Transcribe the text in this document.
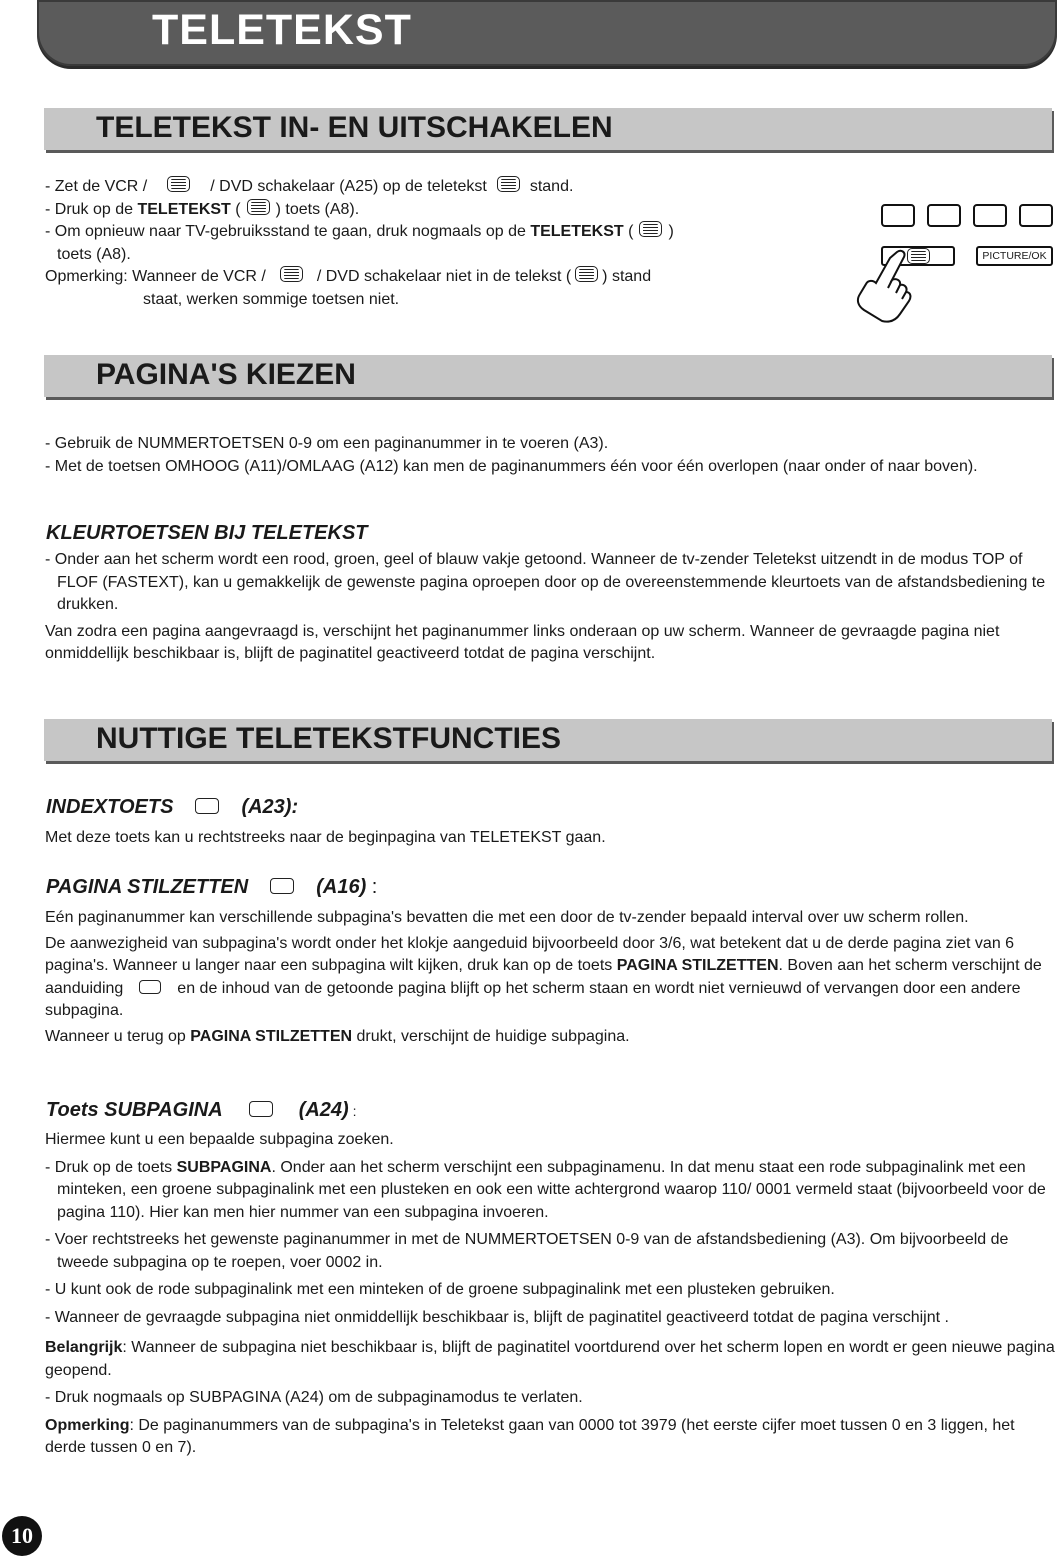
TELETEKST
TELETEKST IN- EN UITSCHAKELEN
- Zet de VCR /	/ DVD schakelaar (A25) op de teletekst	stand.
- Druk op de TELETEKST ( ) toets (A8).
- Om opnieuw naar TV-gebruiksstand te gaan, druk nogmaals op de TELETEKST ( )
toets (A8).
Opmerking: Wanneer de VCR /	/ DVD schakelaar niet in de telekst ( ) stand
staat, werken sommige toetsen niet.
PICTURE/OK
PAGINA'S KIEZEN
- Gebruik de NUMMERTOETSEN 0-9 om een paginanummer in te voeren (A3).
- Met de toetsen OMHOOG (A11)/OMLAAG (A12) kan men de paginanummers één voor één overlopen (naar onder of naar boven).
KLEURTOETSEN BIJ TELETEKST
- Onder aan het scherm wordt een rood, groen, geel of blauw vakje getoond. Wanneer de tv-zender Teletekst uitzendt in de modus TOP of FLOF (FASTEXT), kan u gemakkelijk de gewenste pagina oproepen door op de overeenstemmende kleurtoets van de afstandsbediening te drukken.
Van zodra een pagina aangevraagd is, verschijnt het paginanummer links onderaan op uw scherm. Wanneer de gevraagde pagina niet onmiddellijk beschikbaar is, blijft de paginatitel geactiveerd totdat de pagina verschijnt.
NUTTIGE TELETEKSTFUNCTIES
INDEXTOETS	(A23):
Met deze toets kan u rechtstreeks naar de beginpagina van TELETEKST gaan.
PAGINA STILZETTEN	(A16) :
Eén paginanummer kan verschillende subpagina's bevatten die met een door de tv-zender bepaald interval over uw scherm rollen.
De aanwezigheid van subpagina's wordt onder het klokje aangeduid bijvoorbeeld door 3/6, wat betekent dat u de derde pagina ziet van 6 pagina's. Wanneer u langer naar een subpagina wilt kijken, druk kan op de toets PAGINA STILZETTEN. Boven aan het scherm verschijnt de aanduiding	en de inhoud van de getoonde pagina blijft op het scherm staan en wordt niet vernieuwd of vervangen door een andere subpagina.
Wanneer u terug op PAGINA STILZETTEN drukt, verschijnt de huidige subpagina.
Toets SUBPAGINA	(A24) :
Hiermee kunt u een bepaalde subpagina zoeken.
- Druk op de toets SUBPAGINA. Onder aan het scherm verschijnt een subpaginamenu. In dat menu staat een rode subpaginalink met een minteken, een groene subpaginalink met een plusteken en ook een witte achtergrond waarop 110/ 0001 vermeld staat (bijvoorbeeld voor de pagina 110). Hier kan men hier nummer van een subpagina invoeren.
- Voer rechtstreeks het gewenste paginanummer in met de NUMMERTOETSEN 0-9 van de afstandsbediening (A3). Om bijvoorbeeld de tweede subpagina op te roepen, voer 0002 in.
- U kunt ook de rode subpaginalink met een minteken of de groene subpaginalink met een plusteken gebruiken.
- Wanneer de gevraagde subpagina niet onmiddellijk beschikbaar is, blijft de paginatitel geactiveerd totdat de pagina verschijnt .
Belangrijk: Wanneer de subpagina niet beschikbaar is, blijft de paginatitel voortdurend over het scherm lopen en wordt er geen nieuwe pagina geopend.
- Druk nogmaals op SUBPAGINA (A24) om de subpaginamodus te verlaten.
Opmerking: De paginanummers van de subpagina's in Teletekst gaan van 0000 tot 3979 (het eerste cijfer moet tussen 0 en 3 liggen, het derde tussen 0 en 7).
10
